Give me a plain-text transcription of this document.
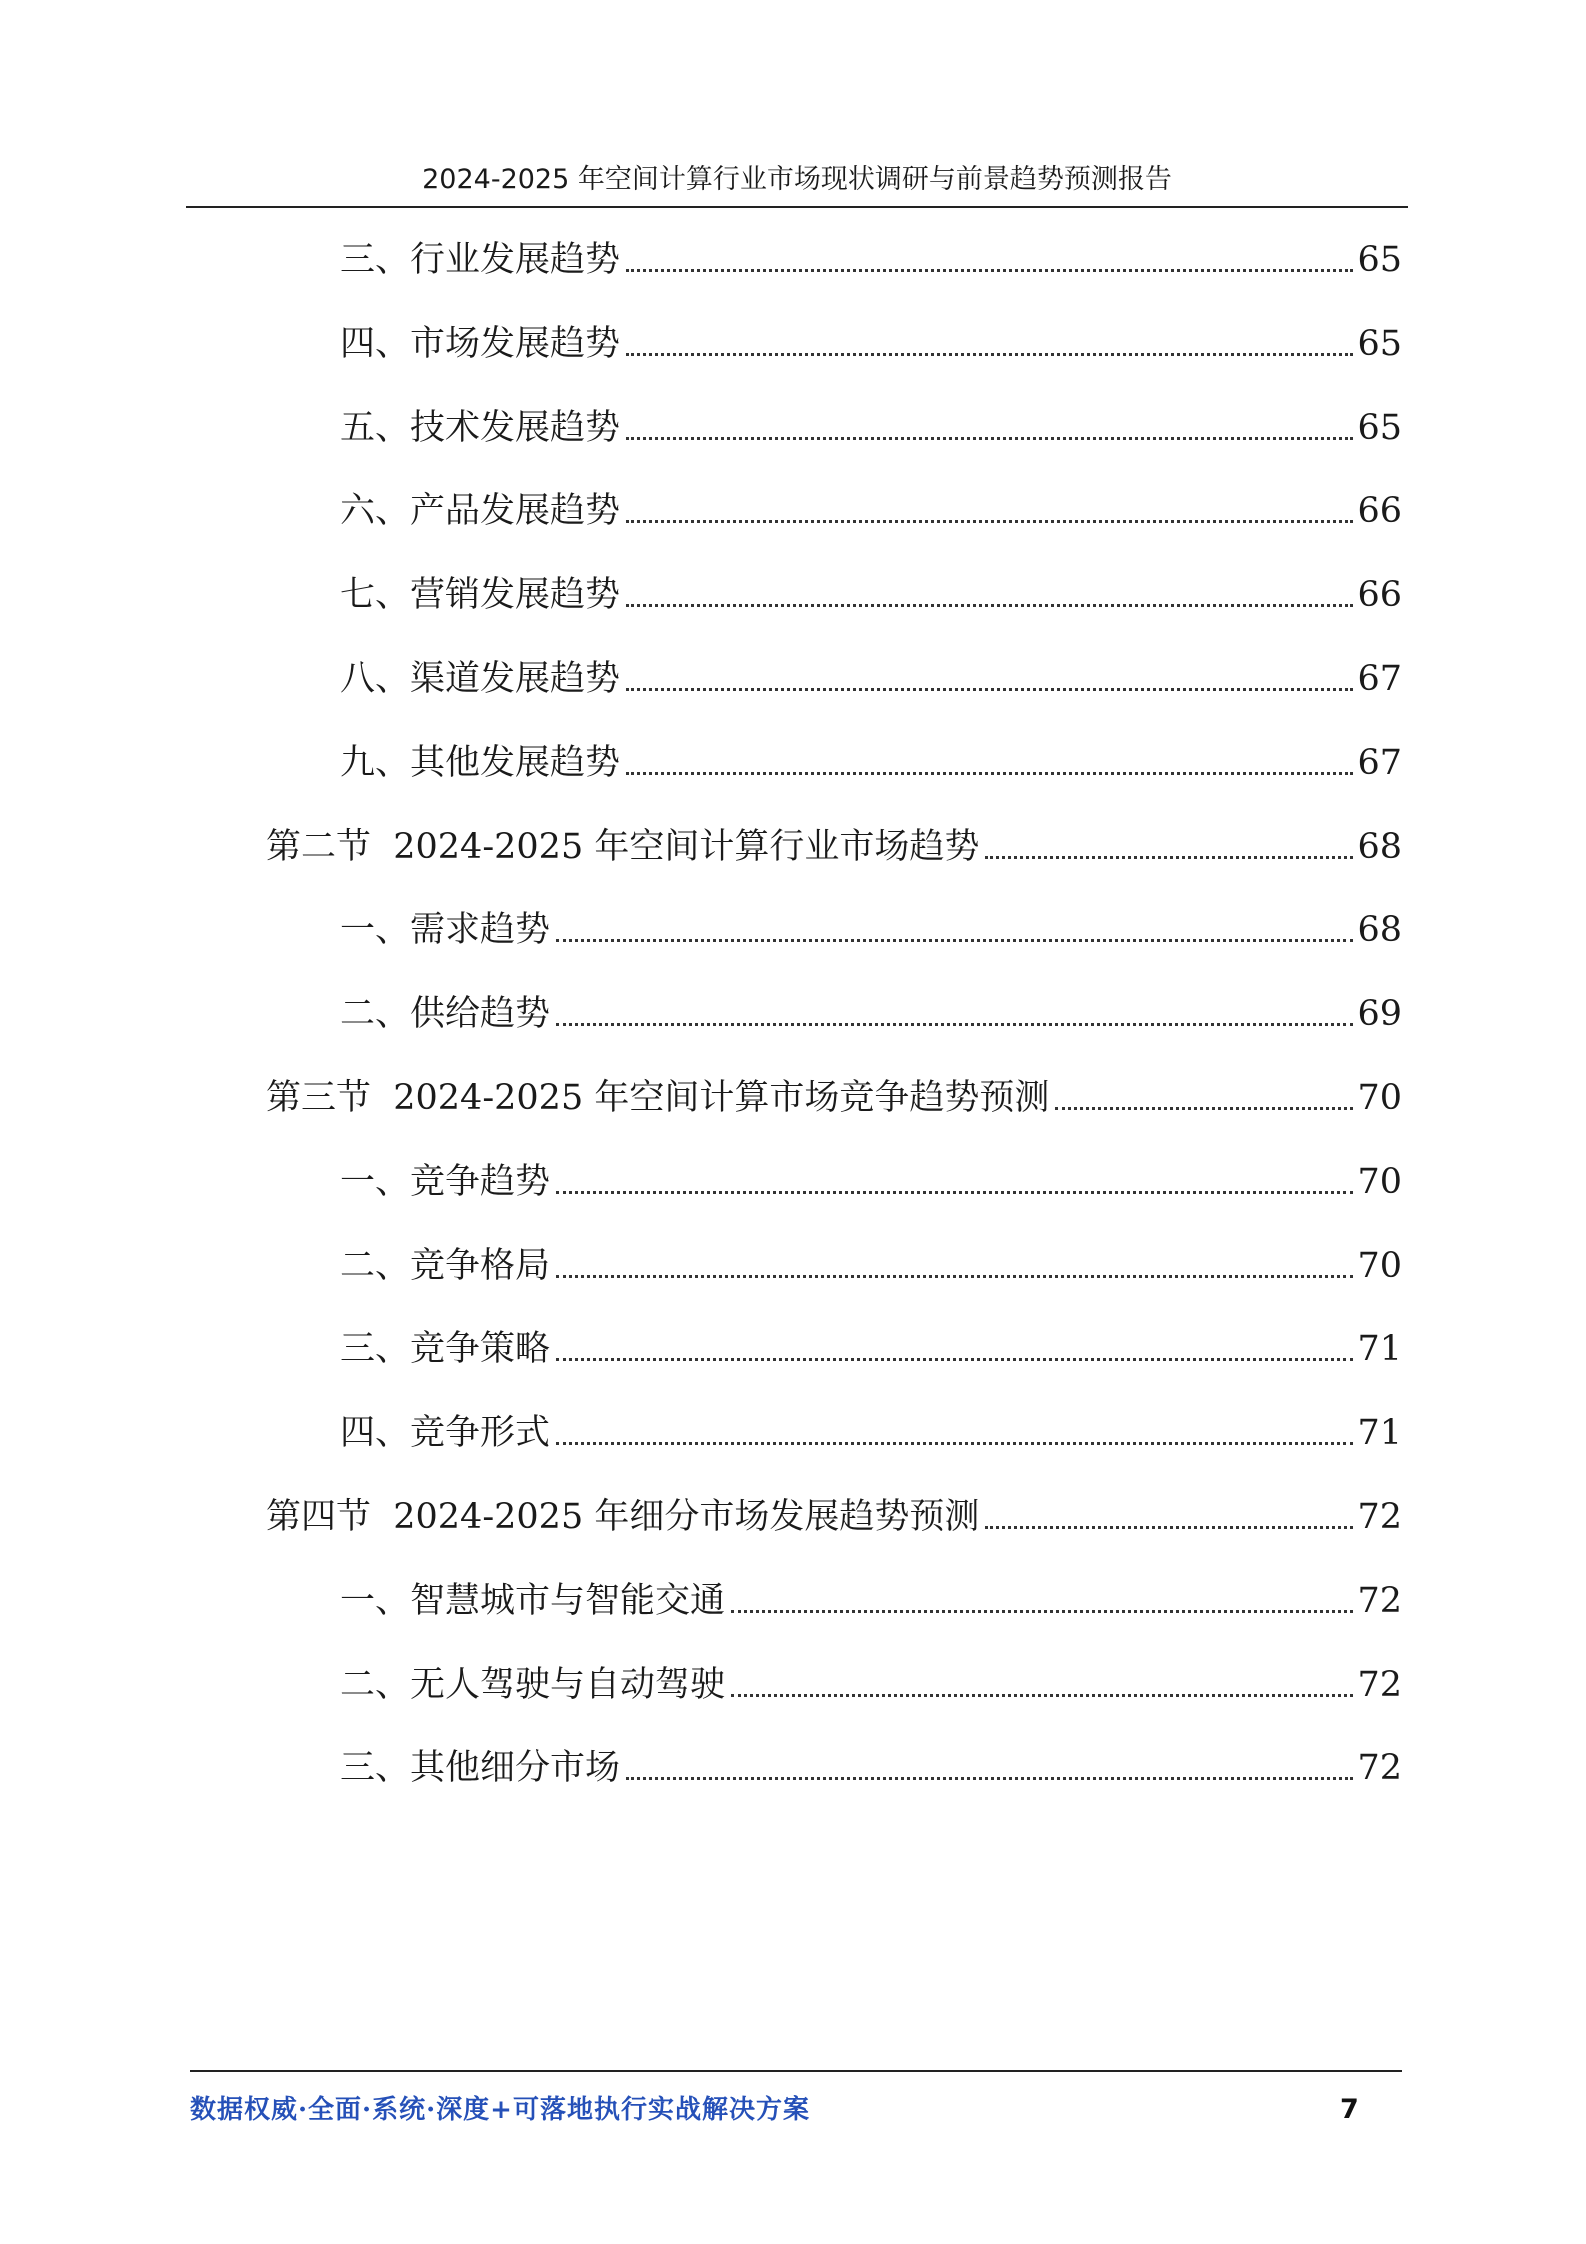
2024-2025 年空间计算行业市场现状调研与前景趋势预测报告
三、行业发展趋势	65
四、市场发展趋势	65
五、技术发展趋势	65
六、产品发展趋势	66
七、营销发展趋势	66
八、渠道发展趋势	67
九、其他发展趋势	67
第二节  2024-2025 年空间计算行业市场趋势	68
一、需求趋势	68
二、供给趋势	69
第三节  2024-2025 年空间计算市场竞争趋势预测	70
一、竞争趋势	70
二、竞争格局	70
三、竞争策略	71
四、竞争形式	71
第四节  2024-2025 年细分市场发展趋势预测	72
一、智慧城市与智能交通	72
二、无人驾驶与自动驾驶	72
三、其他细分市场	72
数据权威·全面·系统·深度+可落地执行实战解决方案	7
